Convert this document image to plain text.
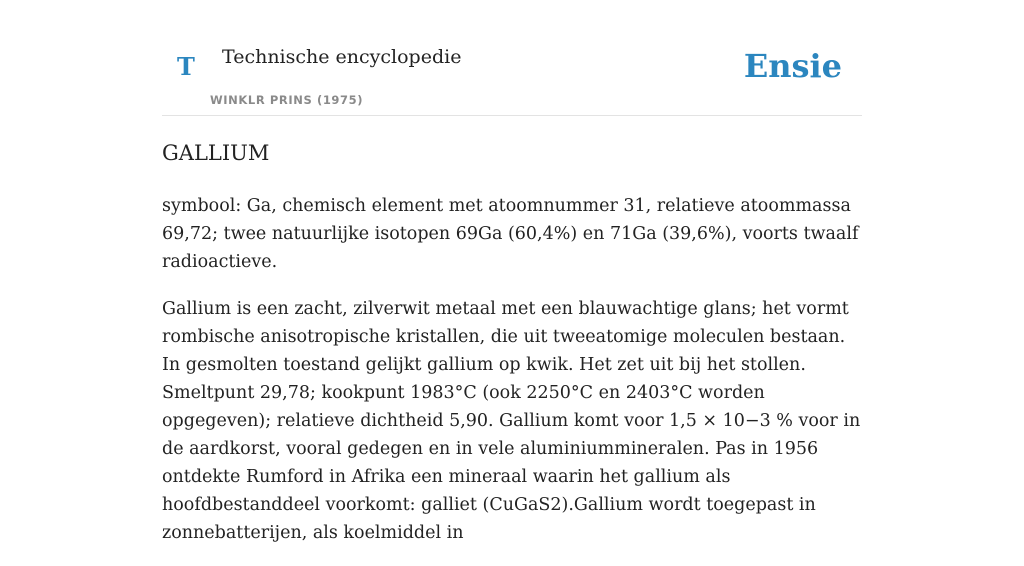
T Technische encyclopedie
WINKLR PRINS (1975)
Ensie
GALLIUM

symbool: Ga, chemisch element met atoomnummer 31, relatieve atoommassa 69,72; twee natuurlijke isotopen 69Ga (60,4%) en 71Ga (39,6%), voorts twaalf radioactieve.

Gallium is een zacht, zilverwit metaal met een blauwachtige glans; het vormt rombische anisotropische kristallen, die uit tweeatomige moleculen bestaan. In gesmolten toestand gelijkt gallium op kwik. Het zet uit bij het stollen. Smeltpunt 29,78; kookpunt 1983°C (ook 2250°C en 2403°C worden opgegeven); relatieve dichtheid 5,90. Gallium komt voor 1,5 × 10−3 % voor in de aardkorst, vooral gedegen en in vele aluminiummineralen. Pas in 1956 ontdekte Rumford in Afrika een mineraal waarin het gallium als hoofdbestanddeel voorkomt: galliet (CuGaS2).Gallium wordt toegepast in zonnebatterijen, als koelmiddel in
